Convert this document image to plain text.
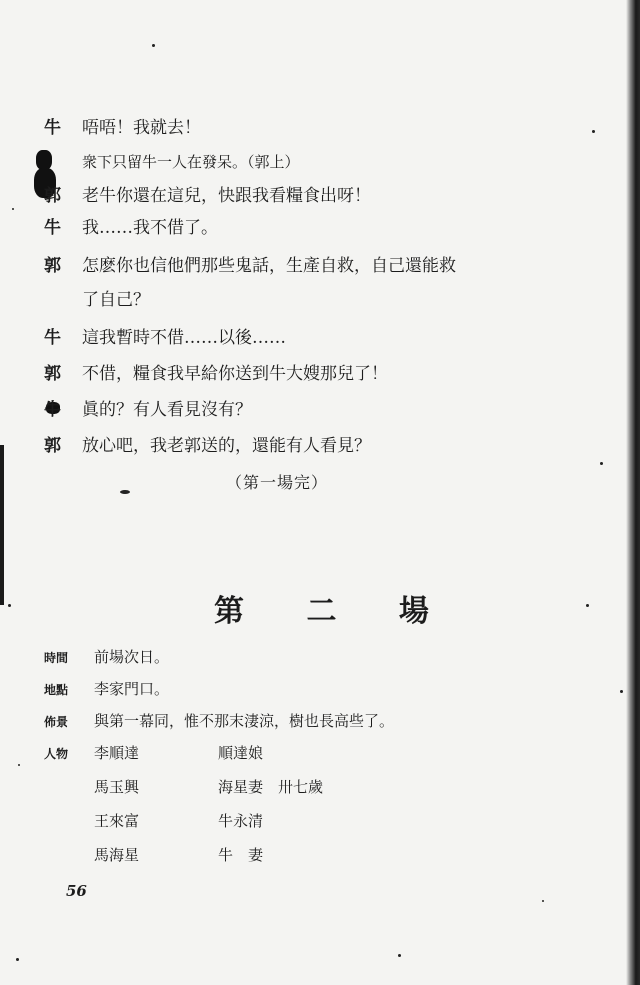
牛 唔唔！我就去！
衆下只留牛一人在發呆。（郭上）
郭 老牛你還在這兒，快跟我看糧食出呀！
牛 我……我不借了。
郭 怎麽你也信他們那些鬼話，生產自救，自己還能救
了自己？
牛 這我暫時不借……以後……
郭 不借，糧食我早給你送到牛大嫂那兒了！
牛 眞的？有人看見沒有？
郭 放心吧，我老郭送的，還能有人看見？
（第一場完）
第 二 場
時間 前場次日。
地點 李家門口。
佈景 與第一幕同，惟不那末淒涼，樹也長高些了。
人物	李順達	順達娘
馬玉興	海星妻　卅七歲
王來富	牛永清
馬海星	牛　妻
56
